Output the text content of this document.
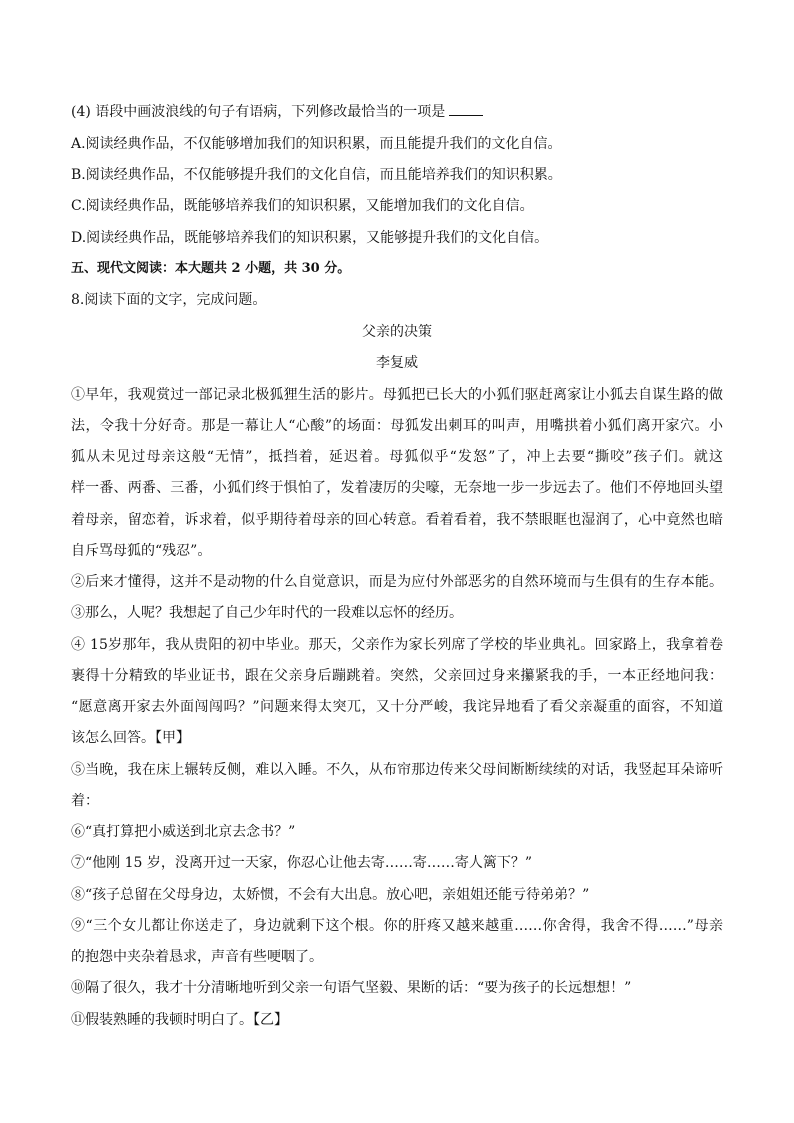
(4) 语段中画波浪线的句子有语病，下列修改最恰当的一项是
A.阅读经典作品，不仅能够增加我们的知识积累，而且能提升我们的文化自信。
B.阅读经典作品，不仅能够提升我们的文化自信，而且能培养我们的知识积累。
C.阅读经典作品，既能够培养我们的知识积累，又能增加我们的文化自信。
D.阅读经典作品，既能够培养我们的知识积累，又能够提升我们的文化自信。
五、现代文阅读：本大题共 2 小题，共 30 分。
8.阅读下面的文字，完成问题。
父亲的决策
李复威
①早年，我观赏过一部记录北极狐狸生活的影片。母狐把已长大的小狐们驱赶离家让小狐去自谋生路的做
法，令我十分好奇。那是一幕让人“心酸”的场面：母狐发出刺耳的叫声，用嘴拱着小狐们离开家穴。小
狐从未见过母亲这般“无情”，抵挡着，延迟着。母狐似乎“发怒”了，冲上去要“撕咬”孩子们。就这
样一番、两番、三番，小狐们终于惧怕了，发着凄厉的尖嚎，无奈地一步一步远去了。他们不停地回头望
着母亲，留恋着，诉求着，似乎期待着母亲的回心转意。看着看着，我不禁眼眶也湿润了，心中竟然也暗
自斥骂母狐的“残忍”。
②后来才懂得，这并不是动物的什么自觉意识，而是为应付外部恶劣的自然环境而与生俱有的生存本能。
③那么，人呢？我想起了自己少年时代的一段难以忘怀的经历。
④ 15岁那年，我从贵阳的初中毕业。那天，父亲作为家长列席了学校的毕业典礼。回家路上，我拿着卷
裹得十分精致的毕业证书，跟在父亲身后蹦跳着。突然，父亲回过身来攥紧我的手，一本正经地问我：
“愿意离开家去外面闯闯吗？”问题来得太突兀，又十分严峻，我诧异地看了看父亲凝重的面容，不知道
该怎么回答。【甲】
⑤当晚，我在床上辗转反侧，难以入睡。不久，从布帘那边传来父母间断断续续的对话，我竖起耳朵谛听
着：
⑥“真打算把小威送到北京去念书？”
⑦“他刚 15 岁，没离开过一天家，你忍心让他去寄……寄……寄人篱下？”
⑧“孩子总留在父母身边，太娇惯，不会有大出息。放心吧，亲姐姐还能亏待弟弟？”
⑨“三个女儿都让你送走了，身边就剩下这个根。你的肝疼又越来越重……你舍得，我舍不得……”母亲
的抱怨中夹杂着恳求，声音有些哽咽了。
⑩隔了很久，我才十分清晰地听到父亲一句语气坚毅、果断的话：“要为孩子的长远想想！”
⑪假装熟睡的我顿时明白了。【乙】
